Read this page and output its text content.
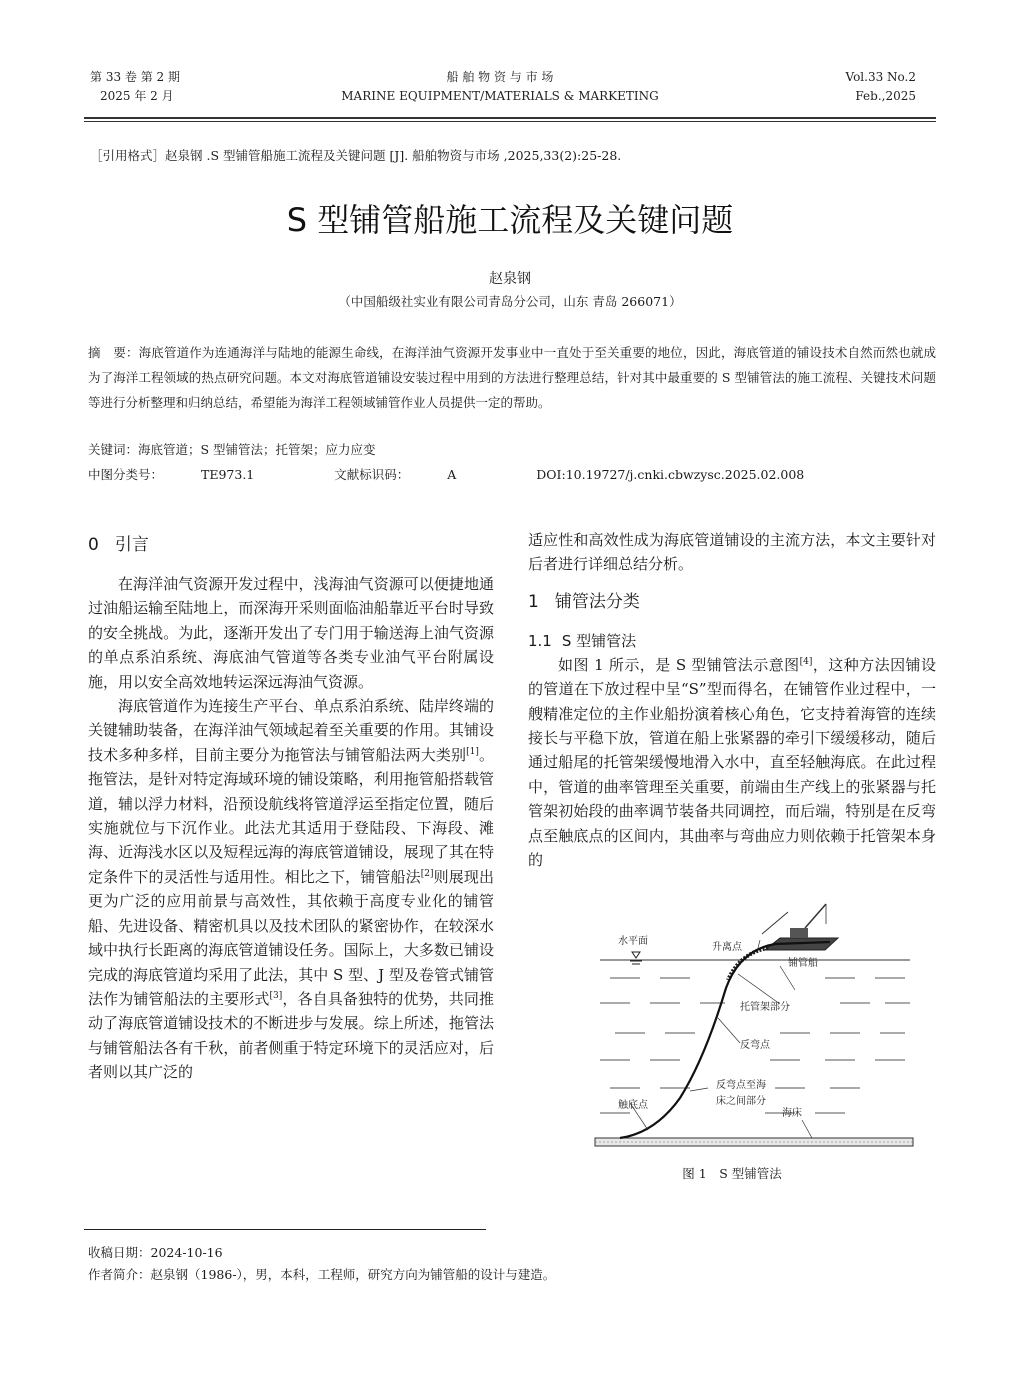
第 33 卷 第 2 期
2025 年 2 月
船 舶 物 资 与 市 场
MARINE EQUIPMENT/MATERIALS & MARKETING
Vol.33 No.2
Feb.,2025
［引用格式］赵泉钢 .S 型铺管船施工流程及关键问题 [J]. 船舶物资与市场 ,2025,33(2):25-28.
S 型铺管船施工流程及关键问题
赵泉钢
（中国船级社实业有限公司青岛分公司，山东 青岛 266071）
摘　要：海底管道作为连通海洋与陆地的能源生命线，在海洋油气资源开发事业中一直处于至关重要的地位，因此，海底管道的铺设技术自然而然也就成为了海洋工程领域的热点研究问题。本文对海底管道铺设安装过程中用到的方法进行整理总结，针对其中最重要的 S 型铺管法的施工流程、关键技术问题等进行分析整理和归纳总结，希望能为海洋工程领域铺管作业人员提供一定的帮助。
关键词：海底管道；S 型铺管法；托管架；应力应变
中图分类号：	TE973.1	文献标识码：	A	DOI:10.19727/j.cnki.cbwzysc.2025.02.008
0 引言

在海洋油气资源开发过程中，浅海油气资源可以便捷地通过油船运输至陆地上，而深海开采则面临油船靠近平台时导致的安全挑战。为此，逐渐开发出了专门用于输送海上油气资源的单点系泊系统、海底油气管道等各类专业油气平台附属设施，用以安全高效地转运深远海油气资源。

海底管道作为连接生产平台、单点系泊系统、陆岸终端的关键辅助装备，在海洋油气领域起着至关重要的作用。其铺设技术多种多样，目前主要分为拖管法与铺管船法两大类别[1]。拖管法，是针对特定海域环境的铺设策略，利用拖管船搭载管道，辅以浮力材料，沿预设航线将管道浮运至指定位置，随后实施就位与下沉作业。此法尤其适用于登陆段、下海段、滩海、近海浅水区以及短程远海的海底管道铺设，展现了其在特定条件下的灵活性与适用性。相比之下，铺管船法[2]则展现出更为广泛的应用前景与高效性，其依赖于高度专业化的铺管船、先进设备、精密机具以及技术团队的紧密协作，在较深水域中执行长距离的海底管道铺设任务。国际上，大多数已铺设完成的海底管道均采用了此法，其中 S 型、J 型及卷管式铺管法作为铺管船法的主要形式[3]，各自具备独特的优势，共同推动了海底管道铺设技术的不断进步与发展。综上所述，拖管法与铺管船法各有千秋，前者侧重于特定环境下的灵活应对，后者则以其广泛的

适应性和高效性成为海底管道铺设的主流方法，本文主要针对后者进行详细总结分析。

1 铺管法分类
1.1 S 型铺管法

如图 1 所示，是 S 型铺管法示意图[4]，这种方法因铺设的管道在下放过程中呈“S”型而得名，在铺管作业过程中，一艘精准定位的主作业船扮演着核心角色，它支持着海管的连续接长与平稳下放，管道在船上张紧器的牵引下缓缓移动，随后通过船尾的托管架缓慢地滑入水中，直至轻触海底。在此过程中，管道的曲率管理至关重要，前端由生产线上的张紧器与托管架初始段的曲率调节装备共同调控，而后端，特别是在反弯点至触底点的区间内，其曲率与弯曲应力则依赖于托管架本身的

水平面
升离点
铺管船
托管架部分
反弯点
反弯点至海
床之间部分
触底点
海床
图 1　S 型铺管法
收稿日期：2024-10-16
作者简介：赵泉钢（1986-），男，本科，工程师，研究方向为铺管船的设计与建造。
